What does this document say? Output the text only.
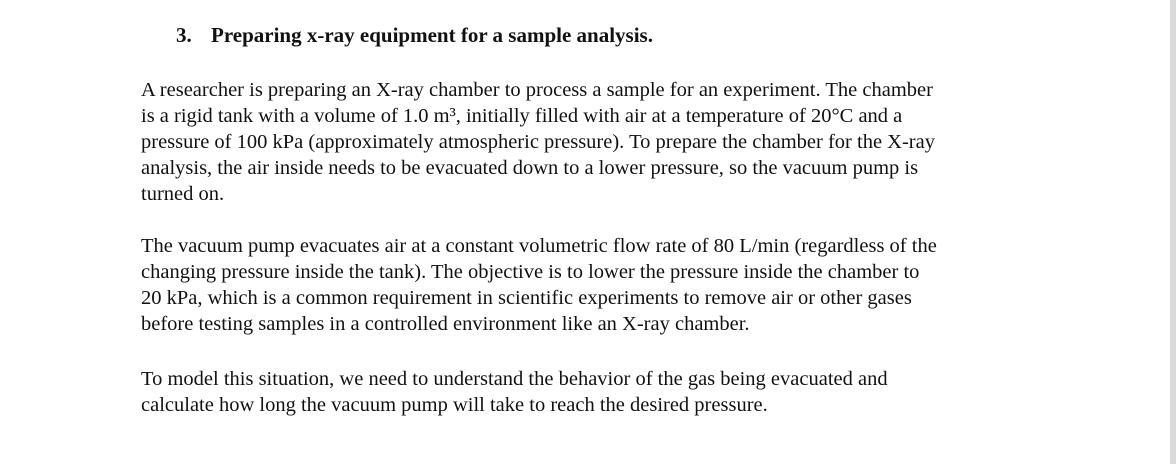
3. Preparing x-ray equipment for a sample analysis.

A researcher is preparing an X-ray chamber to process a sample for an experiment. The chamber
is a rigid tank with a volume of 1.0 m³, initially filled with air at a temperature of 20°C and a
pressure of 100 kPa (approximately atmospheric pressure). To prepare the chamber for the X-ray
analysis, the air inside needs to be evacuated down to a lower pressure, so the vacuum pump is
turned on.

The vacuum pump evacuates air at a constant volumetric flow rate of 80 L/min (regardless of the
changing pressure inside the tank). The objective is to lower the pressure inside the chamber to
20 kPa, which is a common requirement in scientific experiments to remove air or other gases
before testing samples in a controlled environment like an X-ray chamber.

To model this situation, we need to understand the behavior of the gas being evacuated and
calculate how long the vacuum pump will take to reach the desired pressure.
